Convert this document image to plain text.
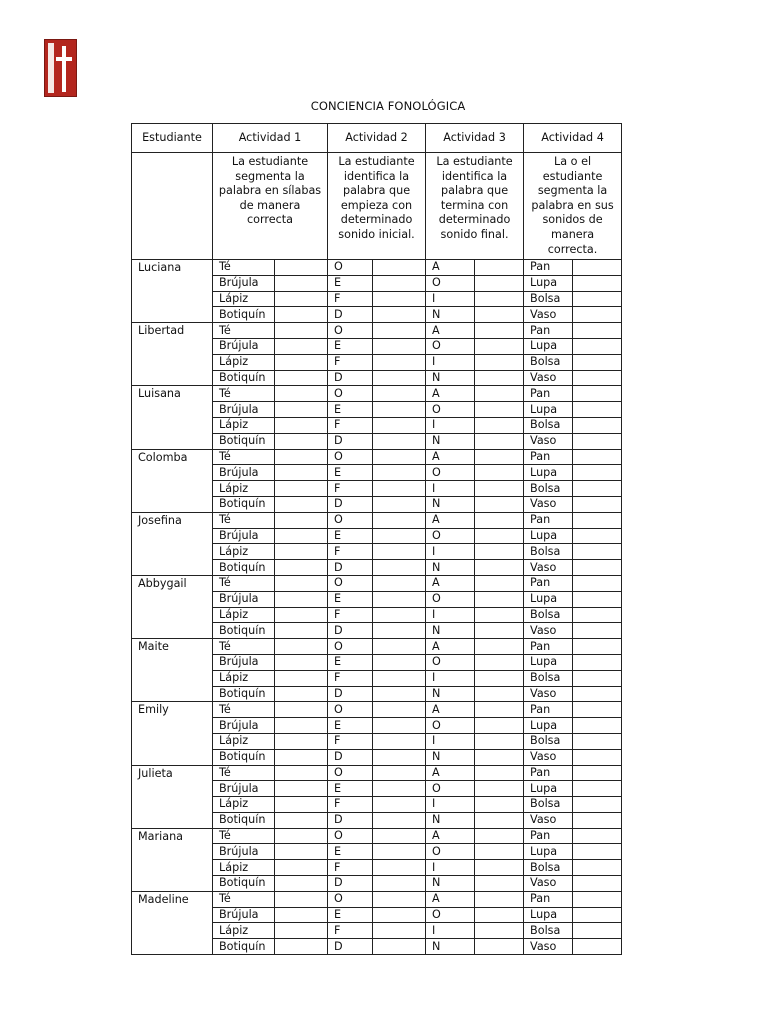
CONCIENCIA FONOLÓGICA
Estudiante	Actividad 1		Actividad 2		Actividad 3		Actividad 4	
	La estudiante segmenta la palabra en sílabas de manera correcta		La estudiante identifica la palabra que empieza con determinado sonido inicial.		La estudiante identifica la palabra que termina con determinado sonido final.		La o el estudiante segmenta la palabra en sus sonidos de manera correcta.	
Luciana	Té		O		A		Pan	
	Brújula		E		O		Lupa	
	Lápiz		F		I		Bolsa	
	Botiquín		D		N		Vaso	
Libertad	Té		O		A		Pan	
	Brújula		E		O		Lupa	
	Lápiz		F		I		Bolsa	
	Botiquín		D		N		Vaso	
Luisana	Té		O		A		Pan	
	Brújula		E		O		Lupa	
	Lápiz		F		I		Bolsa	
	Botiquín		D		N		Vaso	
Colomba	Té		O		A		Pan	
	Brújula		E		O		Lupa	
	Lápiz		F		I		Bolsa	
	Botiquín		D		N		Vaso	
Josefina	Té		O		A		Pan	
	Brújula		E		O		Lupa	
	Lápiz		F		I		Bolsa	
	Botiquín		D		N		Vaso	
Abbygail	Té		O		A		Pan	
	Brújula		E		O		Lupa	
	Lápiz		F		I		Bolsa	
	Botiquín		D		N		Vaso	
Maite	Té		O		A		Pan	
	Brújula		E		O		Lupa	
	Lápiz		F		I		Bolsa	
	Botiquín		D		N		Vaso	
Emily	Té		O		A		Pan	
	Brújula		E		O		Lupa	
	Lápiz		F		I		Bolsa	
	Botiquín		D		N		Vaso	
Julieta	Té		O		A		Pan	
	Brújula		E		O		Lupa	
	Lápiz		F		I		Bolsa	
	Botiquín		D		N		Vaso	
Mariana	Té		O		A		Pan	
	Brújula		E		O		Lupa	
	Lápiz		F		I		Bolsa	
	Botiquín		D		N		Vaso	
Madeline	Té		O		A		Pan	
	Brújula		E		O		Lupa	
	Lápiz		F		I		Bolsa	
	Botiquín		D		N		Vaso	
